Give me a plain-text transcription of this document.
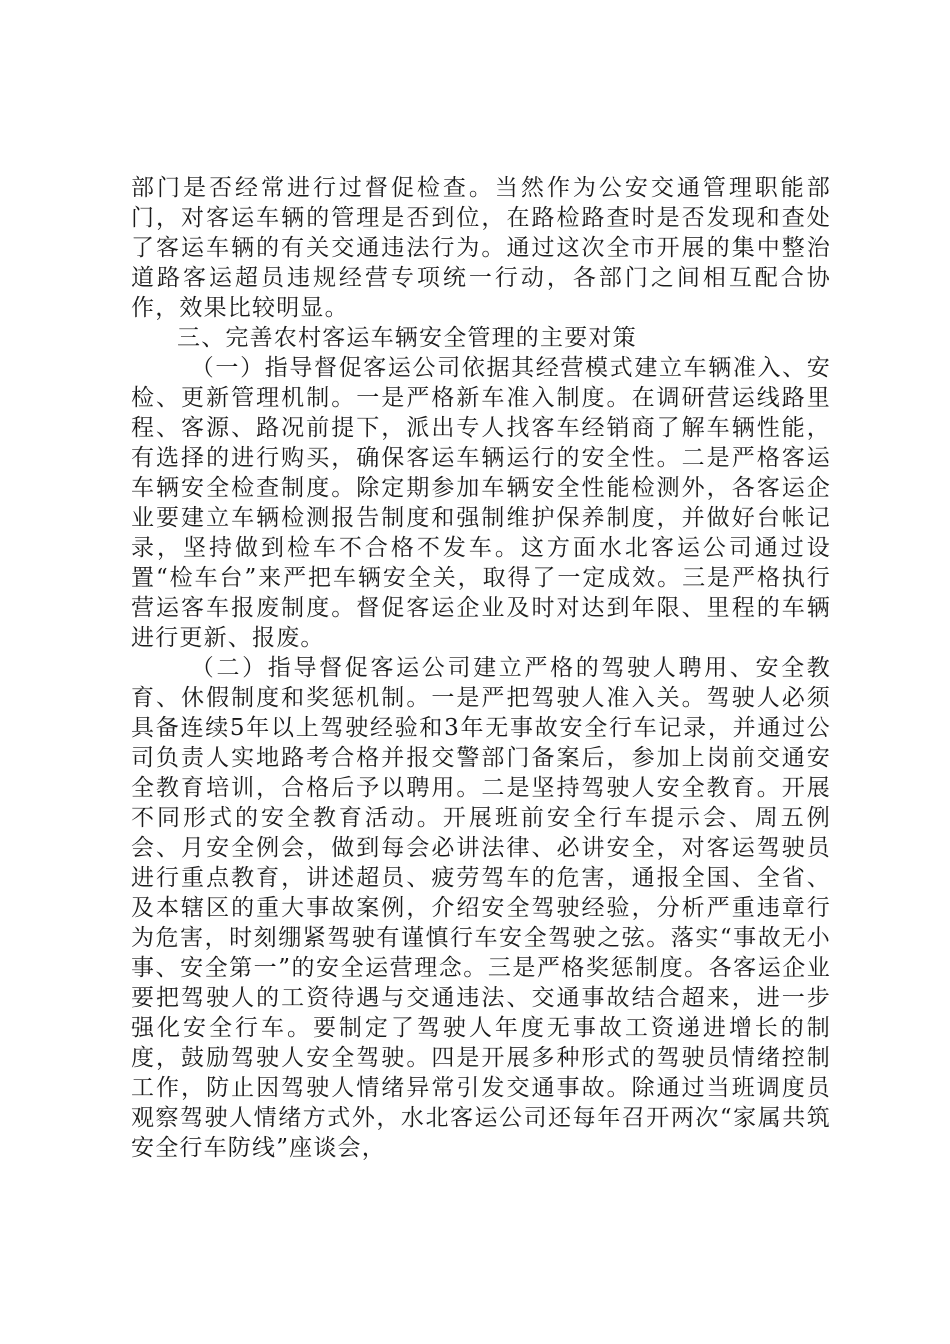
部门是否经常进行过督促检查。当然作为公安交通管理职能部门，对客运车辆的管理是否到位，在路检路查时是否发现和查处了客运车辆的有关交通违法行为。通过这次全市开展的集中整治道路客运超员违规经营专项统一行动，各部门之间相互配合协作，效果比较明显。

三、完善农村客运车辆安全管理的主要对策

（一）指导督促客运公司依据其经营模式建立车辆准入、安检、更新管理机制。一是严格新车准入制度。在调研营运线路里程、客源、路况前提下，派出专人找客车经销商了解车辆性能，有选择的进行购买，确保客运车辆运行的安全性。二是严格客运车辆安全检查制度。除定期参加车辆安全性能检测外，各客运企业要建立车辆检测报告制度和强制维护保养制度，并做好台帐记录，坚持做到检车不合格不发车。这方面水北客运公司通过设置“检车台”来严把车辆安全关，取得了一定成效。三是严格执行营运客车报废制度。督促客运企业及时对达到年限、里程的车辆进行更新、报废。

（二）指导督促客运公司建立严格的驾驶人聘用、安全教育、休假制度和奖惩机制。一是严把驾驶人准入关。驾驶人必须具备连续5年以上驾驶经验和3年无事故安全行车记录，并通过公司负责人实地路考合格并报交警部门备案后，参加上岗前交通安全教育培训，合格后予以聘用。二是坚持驾驶人安全教育。开展不同形式的安全教育活动。开展班前安全行车提示会、周五例会、月安全例会，做到每会必讲法律、必讲安全，对客运驾驶员进行重点教育，讲述超员、疲劳驾车的危害，通报全国、全省、及本辖区的重大事故案例，介绍安全驾驶经验，分析严重违章行为危害，时刻绷紧驾驶有谨慎行车安全驾驶之弦。落实“事故无小事、安全第一”的安全运营理念。三是严格奖惩制度。各客运企业要把驾驶人的工资待遇与交通违法、交通事故结合超来，进一步强化安全行车。要制定了驾驶人年度无事故工资递进增长的制度，鼓励驾驶人安全驾驶。四是开展多种形式的驾驶员情绪控制工作，防止因驾驶人情绪异常引发交通事故。除通过当班调度员观察驾驶人情绪方式外，水北客运公司还每年召开两次“家属共筑安全行车防线”座谈会，
